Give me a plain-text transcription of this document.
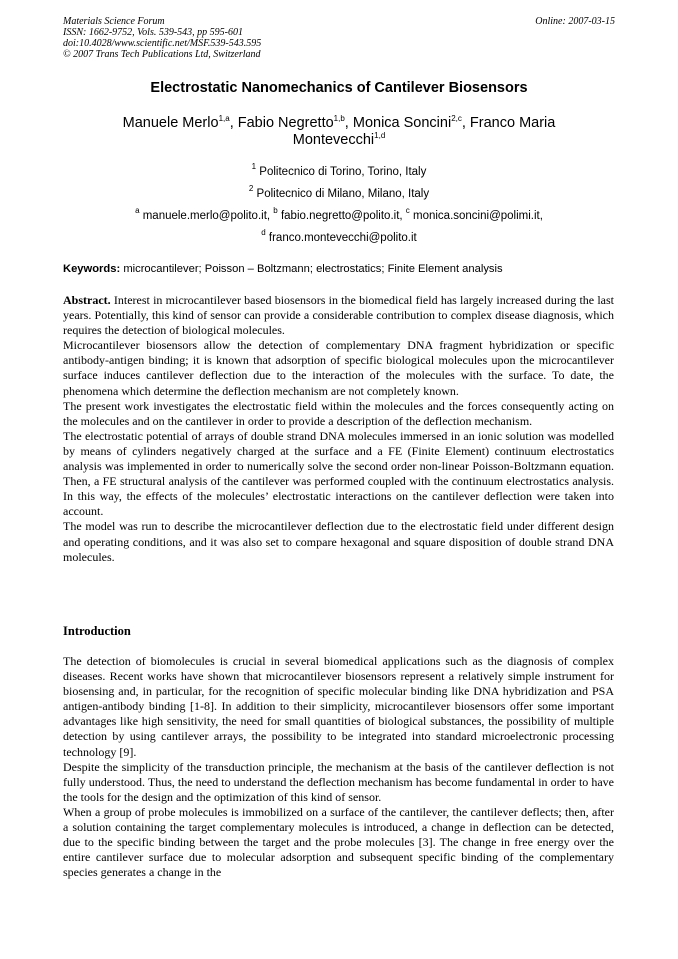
Materials Science Forum
ISSN: 1662-9752, Vols. 539-543, pp 595-601
doi:10.4028/www.scientific.net/MSF.539-543.595
© 2007 Trans Tech Publications Ltd, Switzerland
Online: 2007-03-15
Electrostatic Nanomechanics of Cantilever Biosensors
Manuele Merlo$^{1,a}$, Fabio Negretto$^{1,b}$, Monica Soncini$^{2,c}$, Franco Maria
Montevecchi$^{1,d}$
$^1$ Politecnico di Torino, Torino, Italy
$^2$ Politecnico di Milano, Milano, Italy
$^a$ manuele.merlo@polito.it, $^b$ fabio.negretto@polito.it, $^c$ monica.soncini@polimi.it,
$^d$ franco.montevecchi@polito.it
Keywords: microcantilever; Poisson – Boltzmann; electrostatics; Finite Element analysis

Abstract. Interest in microcantilever based biosensors in the biomedical field has largely increased during the last years. Potentially, this kind of sensor can provide a considerable contribution to complex disease diagnosis, which requires the detection of biological molecules.

Microcantilever biosensors allow the detection of complementary DNA fragment hybridization or specific antibody-antigen binding; it is known that adsorption of specific biological molecules upon the microcantilever surface induces cantilever deflection due to the interaction of the molecules with the surface. To date, the phenomena which determine the deflection mechanism are not completely known.

The present work investigates the electrostatic field within the molecules and the forces consequently acting on the molecules and on the cantilever in order to provide a description of the deflection mechanism.

The electrostatic potential of arrays of double strand DNA molecules immersed in an ionic solution was modelled by means of cylinders negatively charged at the surface and a FE (Finite Element) continuum electrostatics analysis was implemented in order to numerically solve the second order non-linear Poisson-Boltzmann equation. Then, a FE structural analysis of the cantilever was performed coupled with the continuum electrostatics analysis. In this way, the effects of the molecules’ electrostatic interactions on the cantilever deflection were taken into account.

The model was run to describe the microcantilever deflection due to the electrostatic field under different design and operating conditions, and it was also set to compare hexagonal and square disposition of double strand DNA molecules.

Introduction

The detection of biomolecules is crucial in several biomedical applications such as the diagnosis of complex diseases. Recent works have shown that microcantilever biosensors represent a relatively simple instrument for biosensing and, in particular, for the recognition of specific molecular binding like DNA hybridization and PSA antigen-antibody binding [1-8]. In addition to their simplicity, microcantilever biosensors offer some important advantages like high sensitivity, the need for small quantities of biological substances, the possibility of multiple detection by using cantilever arrays, the possibility to be integrated into standard microelectronic processing technology [9].

Despite the simplicity of the transduction principle, the mechanism at the basis of the cantilever deflection is not fully understood. Thus, the need to understand the deflection mechanism has become fundamental in order to have the tools for the design and the optimization of this kind of sensor.

When a group of probe molecules is immobilized on a surface of the cantilever, the cantilever deflects; then, after a solution containing the target complementary molecules is introduced, a change in deflection can be detected, due to the specific binding between the target and the probe molecules [3]. The change in free energy over the entire cantilever surface due to molecular adsorption and subsequent specific binding of the complementary species generates a change in the
